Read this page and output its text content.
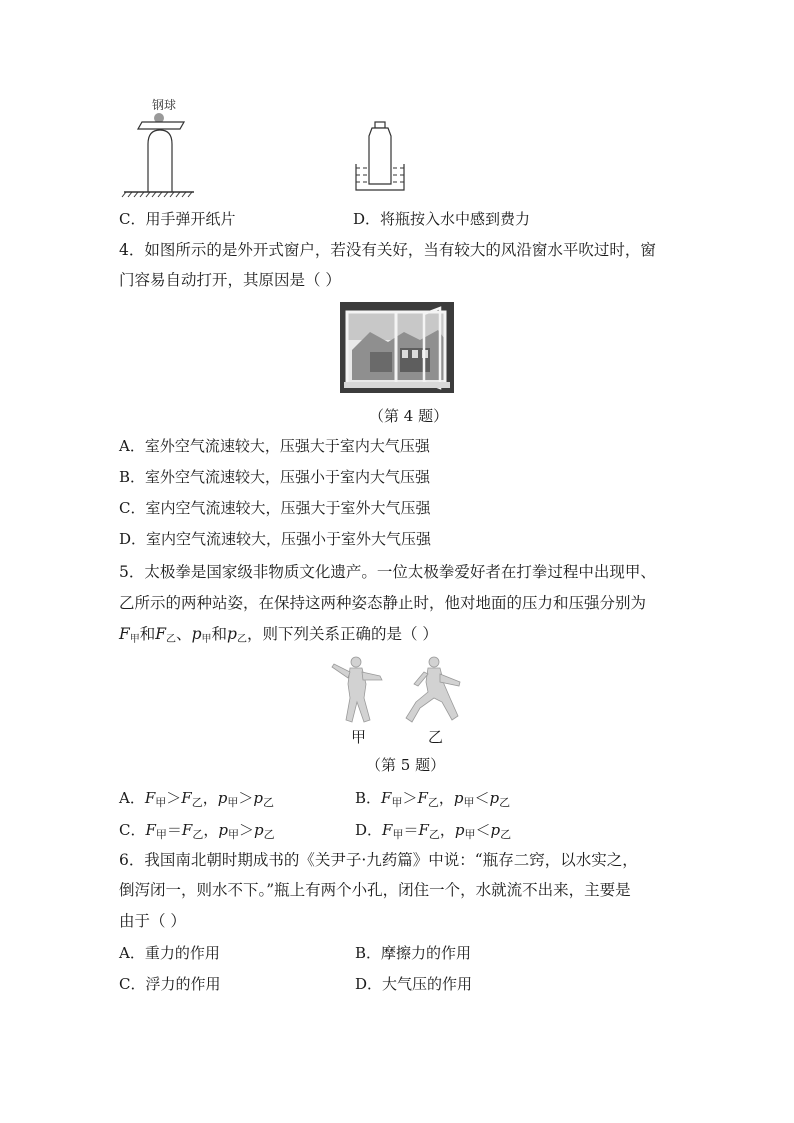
钢球
C．用手弹开纸片	D．将瓶按入水中感到费力
4．如图所示的是外开式窗户，若没有关好，当有较大的风沿窗水平吹过时，窗
门容易自动打开，其原因是（ ）
（第 4 题）
A．室外空气流速较大，压强大于室内大气压强
B．室外空气流速较大，压强小于室内大气压强
C．室内空气流速较大，压强大于室外大气压强
D．室内空气流速较大，压强小于室外大气压强
5．太极拳是国家级非物质文化遗产。一位太极拳爱好者在打拳过程中出现甲、
乙所示的两种站姿，在保持这两种姿态静止时，他对地面的压力和压强分别为
F甲和F乙、p甲和p乙，则下列关系正确的是（ ）
甲	乙
（第 5 题）
A．$F_甲>F_乙$，$p_甲>p_乙$	B．$F_甲>F_乙$，$p_甲<p_乙$
C．$F_甲=F_乙$，$p_甲>p_乙$	D．$F_甲=F_乙$，$p_甲<p_乙$
6．我国南北朝时期成书的《关尹子·九药篇》中说：“瓶存二窍，以水实之，
倒泻闭一，则水不下。”瓶上有两个小孔，闭住一个，水就流不出来，主要是
由于（ ）
A．重力的作用	B．摩擦力的作用
C．浮力的作用	D．大气压的作用
